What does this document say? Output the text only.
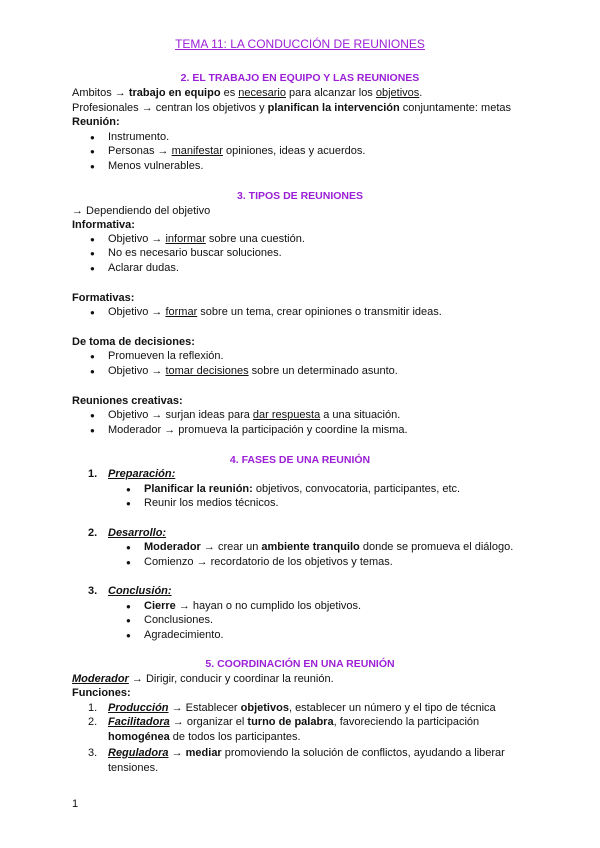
TEMA 11: LA CONDUCCIÓN DE REUNIONES
2. EL TRABAJO EN EQUIPO Y LAS REUNIONES
Ambitos → trabajo en equipo es necesario para alcanzar los objetivos.
Profesionales → centran los objetivos y planifican la intervención conjuntamente: metas
Reunión:
● Instrumento.
● Personas → manifestar opiniones, ideas y acuerdos.
● Menos vulnerables.
3. TIPOS DE REUNIONES
→ Dependiendo del objetivo
Informativa:
● Objetivo → informar sobre una cuestión.
● No es necesario buscar soluciones.
● Aclarar dudas.
Formativas:
● Objetivo → formar sobre un tema, crear opiniones o transmitir ideas.
De toma de decisiones:
● Promueven la reflexión.
● Objetivo → tomar decisiones sobre un determinado asunto.
Reuniones creativas:
● Objetivo → surjan ideas para dar respuesta a una situación.
● Moderador → promueva la participación y coordine la misma.
4. FASES DE UNA REUNIÓN
1. Preparación:
● Planificar la reunión: objetivos, convocatoria, participantes, etc.
● Reunir los medios técnicos.
2. Desarrollo:
● Moderador → crear un ambiente tranquilo donde se promueva el diálogo.
● Comienzo → recordatorio de los objetivos y temas.
3. Conclusión:
● Cierre → hayan o no cumplido los objetivos.
● Conclusiones.
● Agradecimiento.
5. COORDINACIÓN EN UNA REUNIÓN
Moderador → Dirigir, conducir y coordinar la reunión.
Funciones:
1. Producción → Establecer objetivos, establecer un número y el tipo de técnica
2. Facilitadora → organizar el turno de palabra, favoreciendo la participación
homogénea de todos los participantes.
3. Reguladora → mediar promoviendo la solución de conflictos, ayudando a liberar
tensiones.
1
